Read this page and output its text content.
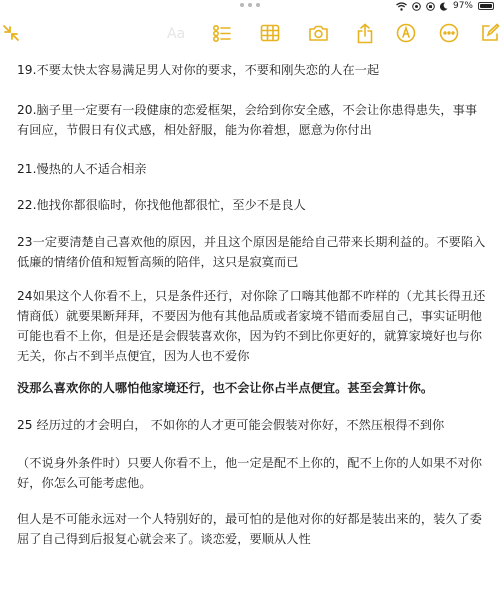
97%
Aa

19.不要太快太容易满足男人对你的要求，不要和刚失恋的人在一起

20.脑子里一定要有一段健康的恋爱框架，会给到你安全感，不会让你患得患失，事事有回应，节假日有仪式感，相处舒服，能为你着想，愿意为你付出

21.慢热的人不适合相亲

22.他找你都很临时，你找他他都很忙，至少不是良人

23一定要清楚自己喜欢他的原因，并且这个原因是能给自己带来长期利益的。不要陷入低廉的情绪价值和短暂高频的陪伴，这只是寂寞而已

24如果这个人你看不上，只是条件还行，对你除了口嗨其他都不咋样的（尤其长得丑还情商低）就要果断拜拜，不要因为他有其他品质或者家境不错而委屈自己，事实证明他可能也看不上你，但是还是会假装喜欢你，因为钓不到比你更好的，就算家境好也与你无关，你占不到半点便宜，因为人也不爱你

没那么喜欢你的人哪怕他家境还行，也不会让你占半点便宜。甚至会算计你。

25 经历过的才会明白， 不如你的人才更可能会假装对你好，不然压根得不到你

（不说身外条件时）只要人你看不上，他一定是配不上你的，配不上你的人如果不对你好，你怎么可能考虑他。

但人是不可能永远对一个人特别好的，最可怕的是他对你的好都是装出来的，装久了委屈了自己得到后报复心就会来了。谈恋爱，要顺从人性
